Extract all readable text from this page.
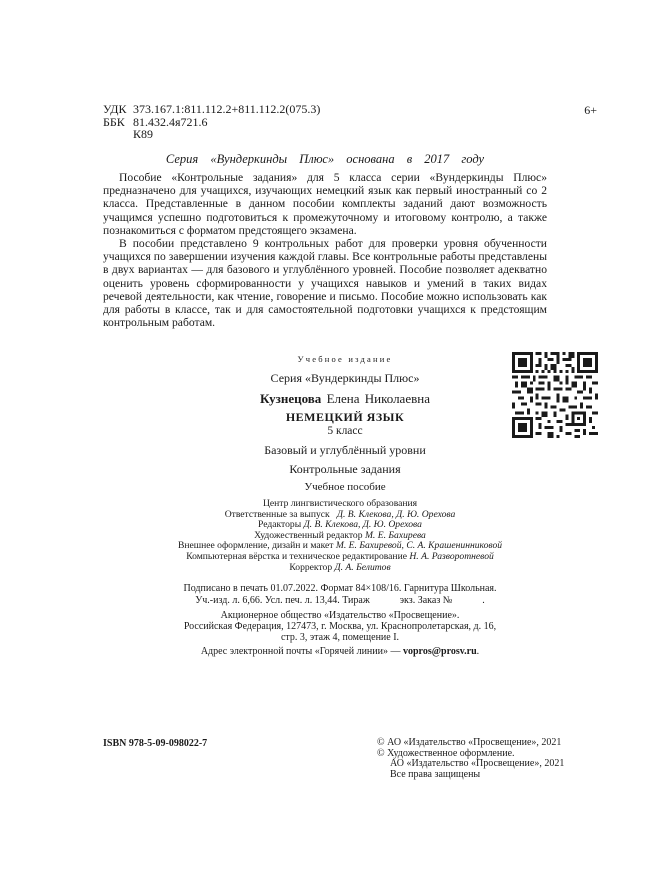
УДК 373.167.1:811.112.2+811.112.2(075.3)
ББК 81.432.4я721.6
К89
6+
Серия «Вундеркинды Плюс» основана в 2017 году

Пособие «Контрольные задания» для 5 класса серии «Вундеркинды Плюс» предназначено для учащихся, изучающих немецкий язык как первый иностранный со 2 класса. Представленные в данном пособии комплекты заданий дают возможность учащимся успешно подготовиться к промежуточному и итоговому контролю, а также познакомиться с форматом предстоящего экзамена.

В пособии представлено 9 контрольных работ для проверки уровня обученности учащихся по завершении изучения каждой главы. Все контрольные работы представлены в двух вариантах — для базового и углублённого уровней. Пособие позволяет адекватно оценить уровень сформированности у учащихся навыков и умений в таких видах речевой деятельности, как чтение, говорение и письмо. Пособие можно использовать как для работы в классе, так и для самостоятельной подготовки учащихся к предстоящим контрольным работам.

Учебное издание
Серия «Вундеркинды Плюс»
Кузнецова Елена Николаевна
НЕМЕЦКИЙ ЯЗЫК
5 класс
Базовый и углублённый уровни
Контрольные задания
Учебное пособие
Центр лингвистического образования
Ответственные за выпуск Д. В. Клекова, Д. Ю. Орехова
Редакторы Д. В. Клекова, Д. Ю. Орехова
Художественный редактор М. Е. Бахирева
Внешнее оформление, дизайн и макет М. Е. Бахиревой, С. А. Крашенинниковой
Компьютерная вёрстка и техническое редактирование Н. А. Разворотневой
Корректор Д. А. Белитов
Подписано в печать 01.07.2022. Формат 84×108/16. Гарнитура Школьная.
Уч.-изд. л. 6,66. Усл. печ. л. 13,44. Тираж            экз. Заказ №            .
Акционерное общество «Издательство «Просвещение».
Российская Федерация, 127473, г. Москва, ул. Краснопролетарская, д. 16,
стр. 3, этаж 4, помещение I.
Адрес электронной почты «Горячей линии» — vopros@prosv.ru.
ISBN 978-5-09-098022-7	© АО «Издательство «Просвещение», 2021
© Художественное оформление.
АО «Издательство «Просвещение», 2021
Все права защищены
